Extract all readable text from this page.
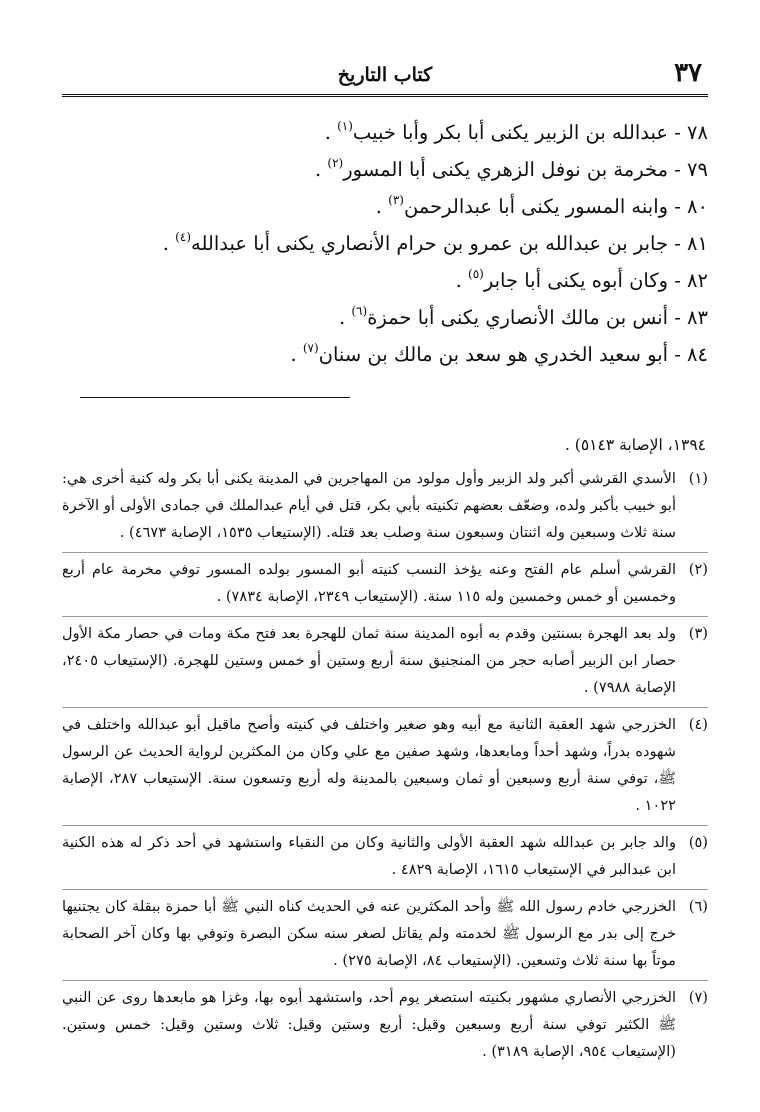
٣٧
كتاب التاريخ
٧٨ - عبدالله بن الزبير يكنى أبا بكر وأبا خبيب$^{(١)}$ .
٧٩ - مخرمة بن نوفل الزهري يكنى أبا المسور$^{(٢)}$ .
٨٠ - وابنه المسور يكنى أبا عبدالرحمن$^{(٣)}$ .
٨١ - جابر بن عبدالله بن عمرو بن حرام الأنصاري يكنى أبا عبدالله$^{(٤)}$ .
٨٢ - وكان أبوه يكنى أبا جابر$^{(٥)}$ .
٨٣ - أنس بن مالك الأنصاري يكنى أبا حمزة$^{(٦)}$ .
٨٤ - أبو سعيد الخدري هو سعد بن مالك بن سنان$^{(٧)}$ .
١٣٩٤، الإصابة ٥١٤٣) .
(١)
الأسدي القرشي أكبر ولد الزبير وأول مولود من المهاجرين في المدينة يكنى أبا بكر وله كنية أخرى هي: أبو خبيب بأكبر ولده، وضعّف بعضهم تكنيته بأبي بكر، قتل في أيام عبدالملك في جمادى الأولى أو الآخرة سنة ثلاث وسبعين وله اثنتان وسبعون سنة وصلب بعد قتله. (الإستيعاب ١٥٣٥، الإصابة ٤٦٧٣) .
(٢)
القرشي أسلم عام الفتح وعنه يؤخذ النسب كنيته أبو المسور بولده المسور توفي مخرمة عام أربع وخمسين أو خمس وخمسين وله ١١٥ سنة. (الإستيعاب ٢٣٤٩، الإصابة ٧٨٣٤) .
(٣)
ولد بعد الهجرة بسنتين وقدم به أبوه المدينة سنة ثمان للهجرة بعد فتح مكة ومات في حصار مكة الأول حصار ابن الزبير أصابه حجر من المنجنيق سنة أربع وستين أو خمس وستين للهجرة. (الإستيعاب ٢٤٠٥، الإصابة ٧٩٨٨) .
(٤)
الخزرجي شهد العقبة الثانية مع أبيه وهو صغير واختلف في كنيته وأصح ماقيل أبو عبدالله واختلف في شهوده بدراً، وشهد أحداً ومابعدها، وشهد صفين مع علي وكان من المكثرين لرواية الحديث عن الرسول ﷺ، توفي سنة أربع وسبعين أو ثمان وسبعين بالمدينة وله أربع وتسعون سنة. الإستيعاب ٢٨٧، الإصابة ١٠٢٢ .
(٥)
والد جابر بن عبدالله شهد العقبة الأولى والثانية وكان من النقباء واستشهد في أحد ذكر له هذه الكنية ابن عبدالبر في الإستيعاب ١٦١٥، الإصابة ٤٨٢٩ .
(٦)
الخزرجي خادم رسول الله ﷺ وأحد المكثرين عنه في الحديث كناه النبي ﷺ أبا حمزة ببقلة كان يجتنيها خرج إلى بدر مع الرسول ﷺ لخدمته ولم يقاتل لصغر سنه سكن البصرة وتوفي بها وكان آخر الصحابة موتاً بها سنة ثلاث وتسعين. (الإستيعاب ٨٤، الإصابة ٢٧٥) .
(٧)
الخزرجي الأنصاري مشهور بكنيته استصغر يوم أحد، واستشهد أبوه بها، وغزا هو مابعدها روى عن النبي ﷺ الكثير توفي سنة أربع وسبعين وقيل: أربع وستين وقيل: ثلاث وستين وقيل: خمس وستين. (الإستيعاب ٩٥٤، الإصابة ٣١٨٩) .
